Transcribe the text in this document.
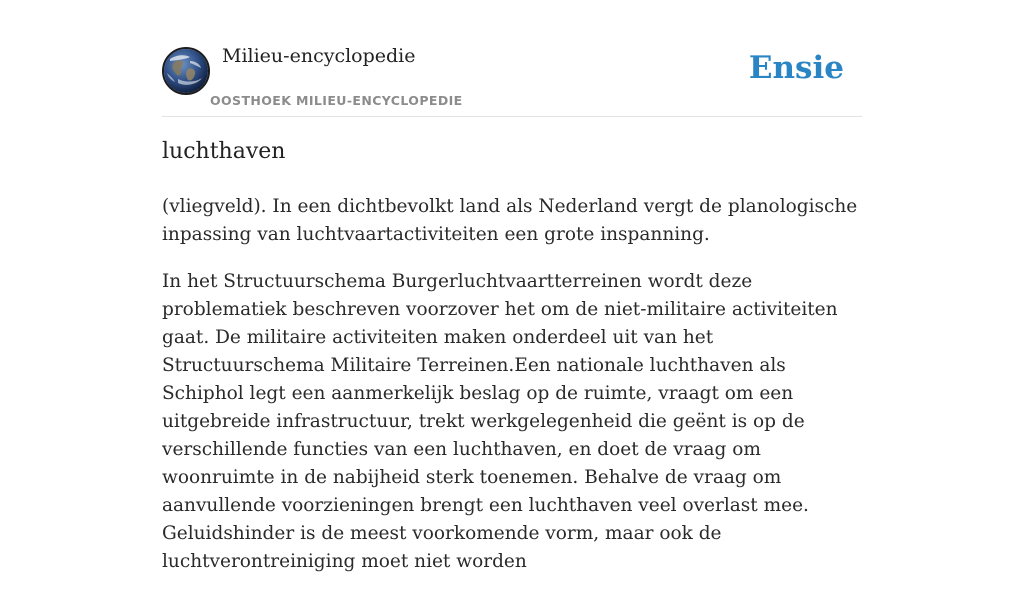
Milieu-encyclopedie
OOSTHOEK MILIEU-ENCYCLOPEDIE
Ensie
luchthaven

(vliegveld). In een dichtbevolkt land als Nederland vergt de planologische inpassing van luchtvaartactiviteiten een grote inspanning.

In het Structuurschema Burgerluchtvaartterreinen wordt deze problematiek beschreven voorzover het om de niet-militaire activiteiten gaat. De militaire activiteiten maken onderdeel uit van het Structuurschema Militaire Terreinen.Een nationale luchthaven als Schiphol legt een aanmerkelijk beslag op de ruimte, vraagt om een uitgebreide infrastructuur, trekt werkgelegenheid die geënt is op de verschillende functies van een luchthaven, en doet de vraag om woonruimte in de nabijheid sterk toenemen. Behalve de vraag om aanvullende voorzieningen brengt een luchthaven veel overlast mee. Geluidshinder is de meest voorkomende vorm, maar ook de luchtverontreiniging moet niet worden
